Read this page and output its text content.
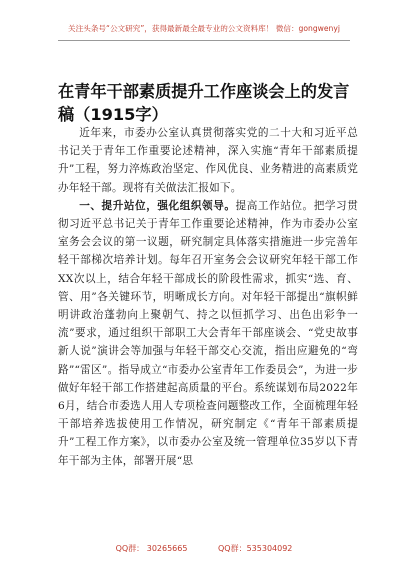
关注头条号“公文研究”，获得最新最全最专业的公文资料库！ 微信：gongwenyj
在青年干部素质提升工作座谈会上的发言稿（1915字）

近年来，市委办公室认真贯彻落实党的二十大和习近平总书记关于青年工作重要论述精神，深入实施“青年干部素质提升”工程，努力淬炼政治坚定、作风优良、业务精进的高素质党办年轻干部。现将有关做法汇报如下。

一、提升站位，强化组织领导。提高工作站位。把学习贯彻习近平总书记关于青年工作重要论述精神，作为市委办公室室务会会议的第一议题，研究制定具体落实措施进一步完善年轻干部梯次培养计划。每年召开室务会会议研究年轻干部工作XX次以上，结合年轻干部成长的阶段性需求，抓实“选、育、管、用”各关键环节，明晰成长方向。对年轻干部提出“旗帜鲜明讲政治蓬勃向上聚朝气、持之以恒抓学习、出色出彩争一流”要求，通过组织干部职工大会青年干部座谈会、“党史故事新人说”演讲会等加强与年轻干部交心交流，指出应避免的“弯路”“雷区”。指导成立“市委办公室青年工作委员会”，为进一步做好年轻干部工作搭建起高质量的平台。系统谋划布局2022年6月，结合市委选人用人专项检查问题整改工作，全面梳理年轻干部培养选拔使用工作情况，研究制定《“青年干部素质提升”工程工作方案》，以市委办公室及统一管理单位35岁以下青年干部为主体，部署开展“思

QQ群： 30265665	QQ群：535304092
